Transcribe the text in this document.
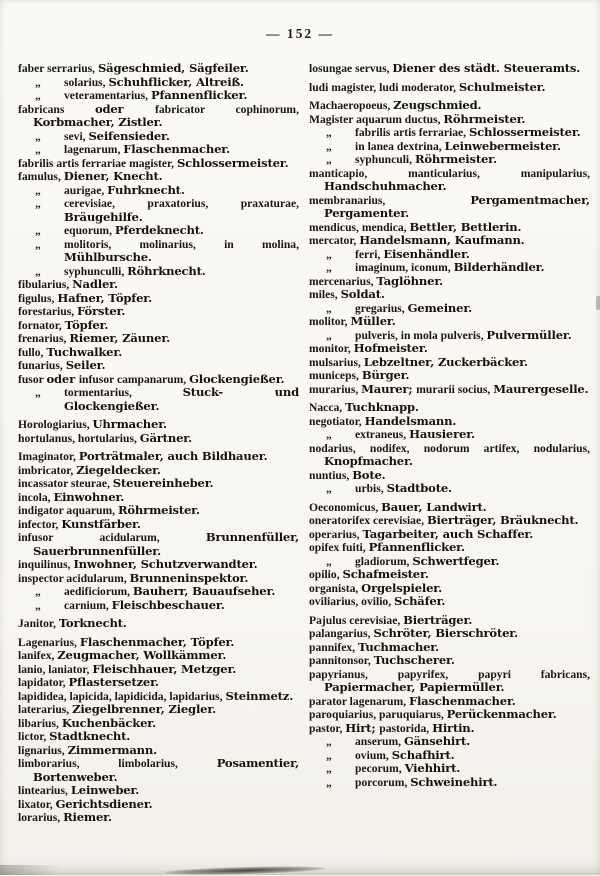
— 152 —
faber serrarius, Sägeschmied, Sägfeiler.
„ solarius, Schuhflicker, Altreiß.
„ veteramentarius, Pfannenflicker.
fabricans oder fabricator cophinorum, Korbmacher, Zistler.
„ sevi, Seifensieder.
„ lagenarum, Flaschenmacher.
fabrilis artis ferrariae magister, Schlossermeister.
famulus, Diener, Knecht.
„ aurigae, Fuhrknecht.
„ cerevisiae, praxatorius, praxaturae, Bräugehilfe.
„ equorum, Pferdeknecht.
„ molitoris, molinarius, in molina, Mühlbursche.
„ syphunculli, Röhrknecht.
fibularius, Nadler.
figulus, Hafner, Töpfer.
forestarius, Förster.
fornator, Töpfer.
frenarius, Riemer, Zäuner.
fullo, Tuchwalker.
funarius, Seiler.
fusor oder infusor campanarum, Glockengießer.
„ tormentarius, Stuck- und Glockengießer.
Horologiarius, Uhrmacher.
hortulanus, hortularius, Gärtner.
Imaginator, Porträtmaler, auch Bildhauer.
imbricator, Ziegeldecker.
incassator steurae, Steuereinheber.
incola, Einwohner.
indigator aquarum, Röhrmeister.
infector, Kunstfärber.
infusor acidularum, Brunnenfüller, Sauerbrunnenfüller.
inquilinus, Inwohner, Schutzverwandter.
inspector acidularum, Brunneninspektor.
„ aedificiorum, Bauherr, Bauaufseher.
„ carnium, Fleischbeschauer.
Janitor, Torknecht.
Lagenarius, Flaschenmacher, Töpfer.
lanifex, Zeugmacher, Wollkämmer.
lanio, laniator, Fleischhauer, Metzger.
lapidator, Pflastersetzer.
lapididea, lapicida, lapidicida, lapidarius, Steinmetz.
laterarius, Ziegelbrenner, Ziegler.
libarius, Kuchenbäcker.
lictor, Stadtknecht.
lignarius, Zimmermann.
limborarius, limbolarius, Posamentier, Bortenweber.
lintearius, Leinweber.
lixator, Gerichtsdiener.
lorarius, Riemer.
losungae servus, Diener des städt. Steueramts.
ludi magister, ludi moderator, Schulmeister.
Machaeropoeus, Zeugschmied.
Magister aquarum ductus, Röhrmeister.
„ fabrilis artis ferrariae, Schlossermeister.
„ in lanea dextrina, Leinwebermeister.
„ syphunculi, Röhrmeister.
manticapio, manticularius, manipularius, Handschuhmacher.
membranarius, Pergamentmacher, Pergamenter.
mendicus, mendica, Bettler, Bettlerin.
mercator, Handelsmann, Kaufmann.
„ ferri, Eisenhändler.
„ imaginum, iconum, Bilderhändler.
mercenarius, Taglöhner.
miles, Soldat.
„ gregarius, Gemeiner.
molitor, Müller.
„ pulveris, in mola pulveris, Pulvermüller.
monitor, Hofmeister.
mulsarius, Lebzeltner, Zuckerbäcker.
municeps, Bürger.
murarius, Maurer; murarii socius, Maurergeselle.
Nacca, Tuchknapp.
negotiator, Handelsmann.
„ extraneus, Hausierer.
nodarius, nodifex, nodorum artifex, nodularius, Knopfmacher.
nuntius, Bote.
„ urbis, Stadtbote.
Oeconomicus, Bauer, Landwirt.
oneratorifex cerevisiae, Bierträger, Bräuknecht.
operarius, Tagarbeiter, auch Schaffer.
opifex fuiti, Pfannenflicker.
„ gladiorum, Schwertfeger.
opilio, Schafmeister.
organista, Orgelspieler.
oviliarius, ovilio, Schäfer.
Pajulus cerevisiae, Bierträger.
palangarius, Schröter, Bierschröter.
pannifex, Tuchmacher.
pannitonsor, Tuchscherer.
papyrianus, papyrifex, papyri fabricans, Papiermacher, Papiermüller.
parator lagenarum, Flaschenmacher.
paroquiarius, paruquiarus, Perückenmacher.
pastor, Hirt; pastorida, Hirtin.
„ anserum, Gänsehirt.
„ ovium, Schafhirt.
„ pecorum, Viehhirt.
„ porcorum, Schweinehirt.
